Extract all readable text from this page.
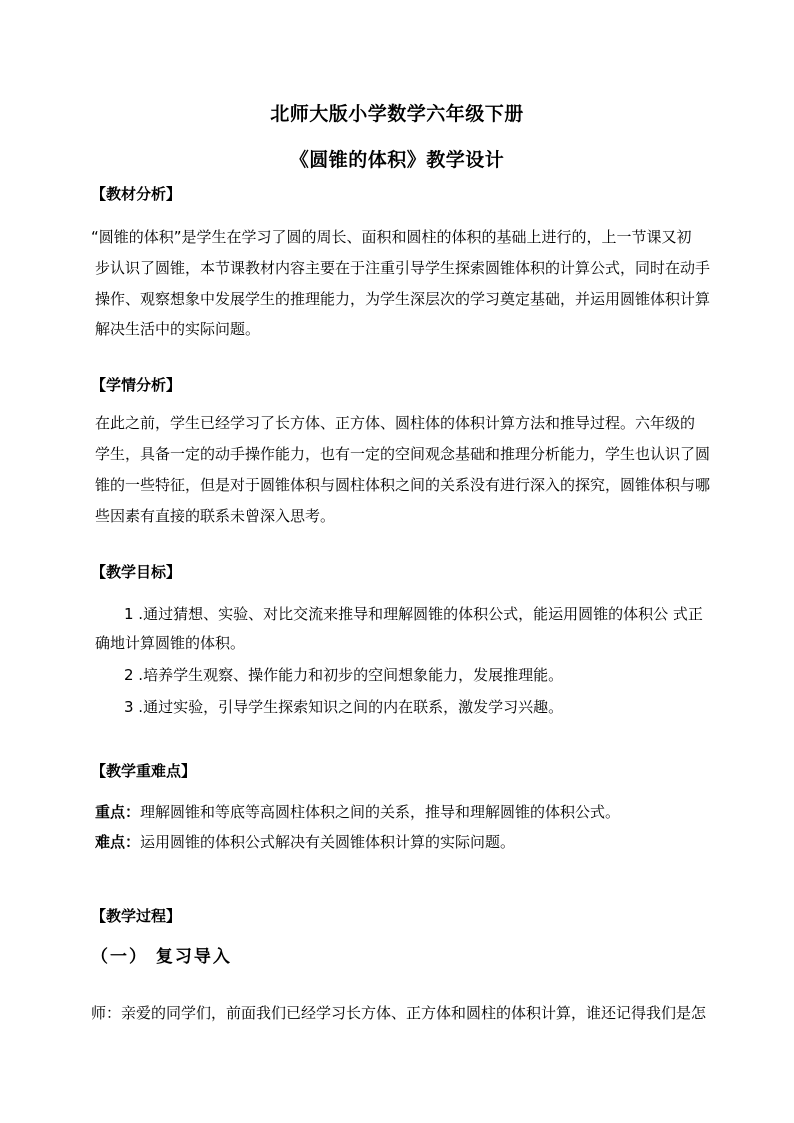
北师大版小学数学六年级下册
《圆锥的体积》教学设计
【教材分析】
“圆锥的体积”是学生在学习了圆的周长、面积和圆柱的体积的基础上进行的，上一节课又初
步认识了圆锥，本节课教材内容主要在于注重引导学生探索圆锥体积的计算公式，同时在动手
操作、观察想象中发展学生的推理能力，为学生深层次的学习奠定基础，并运用圆锥体积计算
解决生活中的实际问题。
【学情分析】
在此之前，学生已经学习了长方体、正方体、圆柱体的体积计算方法和推导过程。六年级的
学生，具备一定的动手操作能力，也有一定的空间观念基础和推理分析能力，学生也认识了圆
锥的一些特征，但是对于圆锥体积与圆柱体积之间的关系没有进行深入的探究，圆锥体积与哪
些因素有直接的联系未曾深入思考。
【教学目标】
1 .通过猜想、实验、对比交流来推导和理解圆锥的体积公式，能运用圆锥的体积公 式正
确地计算圆锥的体积。
2 .培养学生观察、操作能力和初步的空间想象能力，发展推理能。
3 .通过实验，引导学生探索知识之间的内在联系，激发学习兴趣。
【教学重难点】
重点：理解圆锥和等底等高圆柱体积之间的关系，推导和理解圆锥的体积公式。
难点：运用圆锥的体积公式解决有关圆锥体积计算的实际问题。
【教学过程】
（一） 复习导入
师：亲爱的同学们，前面我们已经学习长方体、正方体和圆柱的体积计算，谁还记得我们是怎
